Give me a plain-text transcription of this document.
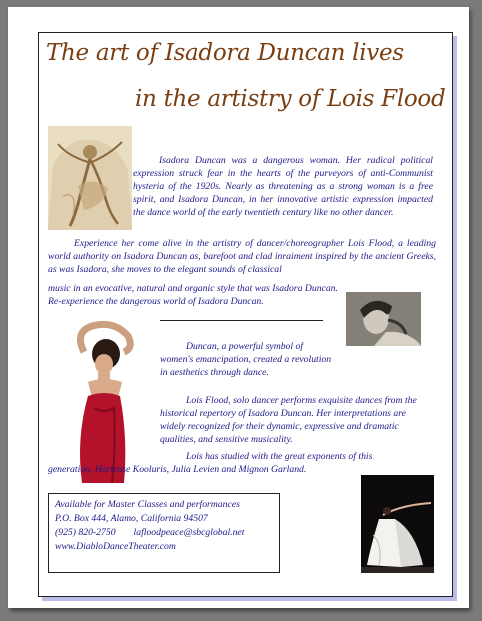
The art of Isadora Duncan lives
in the artistry of Lois Flood
Isadora Duncan was a dangerous woman. Her radical political expression struck fear in the hearts of the purveyors of anti-Communist hysteria of the 1920s. Nearly as threatening as a strong woman is a free spirit, and Isadora Duncan, in her innovative artistic expression impacted the dance world of the early twentieth century like no other dancer.
Experience her come alive in the artistry of dancer/choreographer Lois Flood, a leading world authority on Isadora Duncan as, barefoot and clad inraiment inspired by the ancient Greeks, as was Isadora, she moves to the elegant sounds of classical
music in an evocative, natural and organic style that was Isadora Duncan. Re-experience the dangerous world of Isadora Duncan.
Duncan, a powerful symbol of women's emancipation, created a revolution in aesthetics through dance.
Lois Flood, solo dancer performs exquisite dances from the historical repertory of Isadora Duncan. Her interpretations are widely recognized for their dynamic, expressive and dramatic qualities, and sensitive musicality.
Lois has studied with the great exponents of this
generation, Hortense Kooluris, Julia Levien and Mignon Garland.
Available for Master Classes and performances
P.O. Box 444, Alamo, California 94507
(925) 820-2750 lafloodpeace@sbcglobal.net
www.DiabloDanceTheater.com
